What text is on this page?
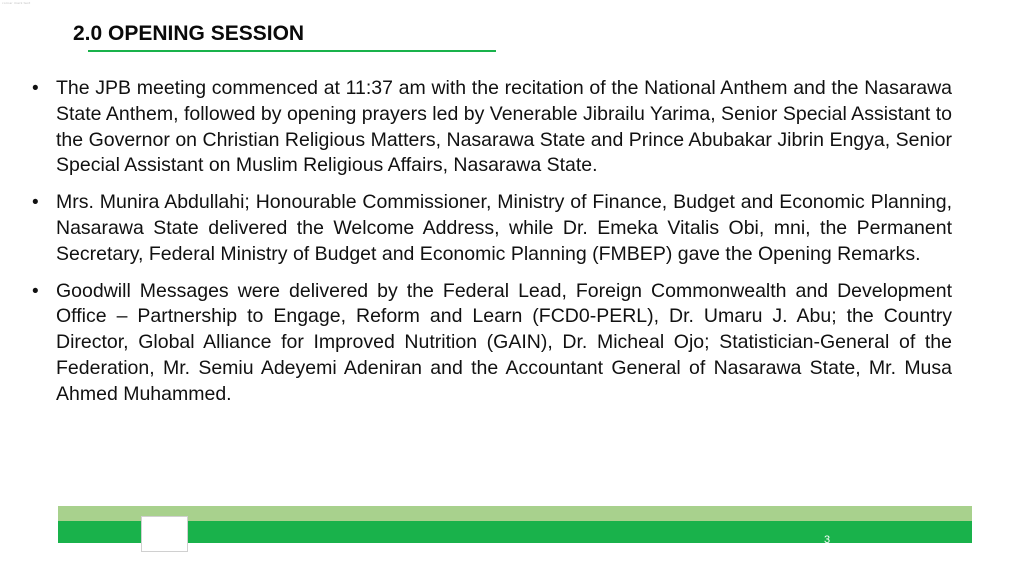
corner mark text
2.0 OPENING SESSION
• The JPB meeting commenced at 11:37 am with the recitation of the National Anthem and the Nasarawa State Anthem, followed by opening prayers led by Venerable Jibrailu Yarima, Senior Special Assistant to the Governor on Christian Religious Matters, Nasarawa State and Prince Abubakar Jibrin Engya, Senior Special Assistant on Muslim Religious Affairs, Nasarawa State.
• Mrs. Munira Abdullahi; Honourable Commissioner, Ministry of Finance, Budget and Economic Planning, Nasarawa State delivered the Welcome Address, while Dr. Emeka Vitalis Obi, mni, the Permanent Secretary, Federal Ministry of Budget and Economic Planning (FMBEP) gave the Opening Remarks.
• Goodwill Messages were delivered by the Federal Lead, Foreign Commonwealth and Development Office – Partnership to Engage, Reform and Learn (FCD0-PERL), Dr. Umaru J. Abu; the Country Director, Global Alliance for Improved Nutrition (GAIN), Dr. Micheal Ojo; Statistician-General of the Federation, Mr. Semiu Adeyemi Adeniran and the Accountant General of Nasarawa State, Mr. Musa Ahmed Muhammed.
3
